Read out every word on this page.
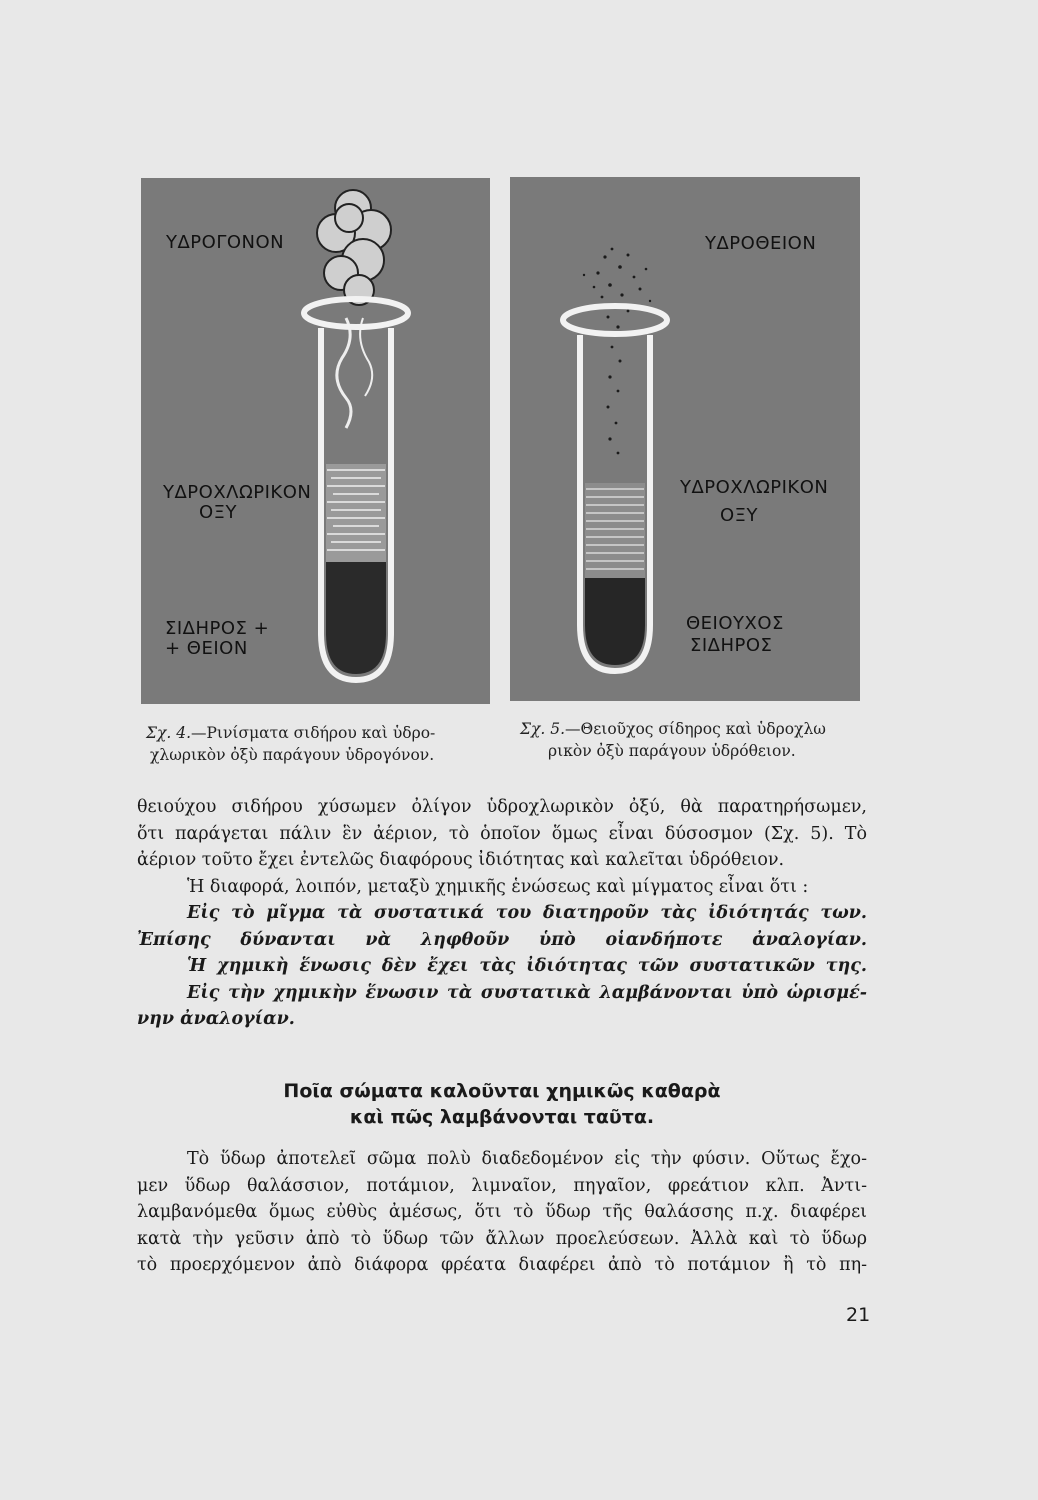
ΥΔΡΟΓΟΝΟΝ
ΥΔΡΟΧΛΩΡΙΚΟΝ
ΟΞΥ
ΣΙΔΗΡΟΣ +
+ ΘΕΙΟΝ
ΥΔΡΟΘΕΙΟΝ
ΥΔΡΟΧΛΩΡΙΚΟΝ
ΟΞΥ
ΘΕΙΟΥΧΟΣ
ΣΙΔΗΡΟΣ
Σχ. 4.—Ρινίσματα σιδήρου καὶ ὑδρο-
χλωρικὸν ὀξὺ παράγουν ὑδρογόνον.
Σχ. 5.—Θειοῦχος σίδηρος καὶ ὑδροχλω
ρικὸν ὀξὺ παράγουν ὑδρόθειον.

θειούχου σιδήρου χύσωμεν ὀλίγον ὑδροχλωρικὸν ὀξύ, θὰ παρατηρήσωμεν,

ὅτι παράγεται πάλιν ἓν ἀέριον, τὸ ὁποῖον ὅμως εἶναι δύσοσμον (Σχ. 5). Τὸ

ἀέριον τοῦτο ἔχει ἐντελῶς διαφόρους ἰδιότητας καὶ καλεῖται ὑδρόθειον.

Ἡ διαφορά, λοιπόν, μεταξὺ χημικῆς ἑνώσεως καὶ μίγματος εἶναι ὅτι :

Εἰς τὸ μῖγμα τὰ συστατικά του διατηροῦν τὰς ἰδιότητάς των.

Ἐπίσης δύνανται νὰ ληφθοῦν ὑπὸ οἱανδήποτε ἀναλογίαν.

Ἡ χημικὴ ἕνωσις δὲν ἔχει τὰς ἰδιότητας τῶν συστατικῶν της.

Εἰς τὴν χημικὴν ἕνωσιν τὰ συστατικὰ λαμβάνονται ὑπὸ ὡρισμέ-

νην ἀναλογίαν.

Ποῖα σώματα καλοῦνται χημικῶς καθαρὰ
καὶ πῶς λαμβάνονται ταῦτα.

Τὸ ὕδωρ ἀποτελεῖ σῶμα πολὺ διαδεδομένον εἰς τὴν φύσιν. Οὕτως ἔχο-

μεν ὕδωρ θαλάσσιον, ποτάμιον, λιμναῖον, πηγαῖον, φρεάτιον κλπ. Ἀντι-

λαμβανόμεθα ὅμως εὐθὺς ἀμέσως, ὅτι τὸ ὕδωρ τῆς θαλάσσης π.χ. διαφέρει

κατὰ τὴν γεῦσιν ἀπὸ τὸ ὕδωρ τῶν ἄλλων προελεύσεων. Ἀλλὰ καὶ τὸ ὕδωρ

τὸ προερχόμενον ἀπὸ διάφορα φρέατα διαφέρει ἀπὸ τὸ ποτάμιον ἢ τὸ πη-

21
